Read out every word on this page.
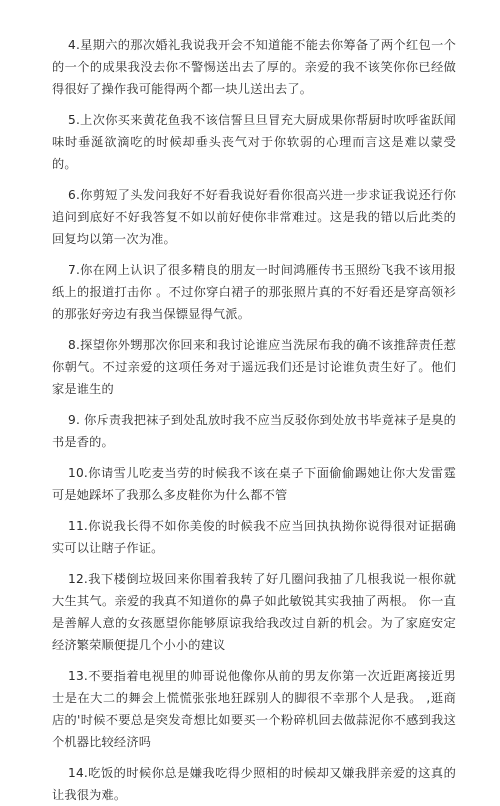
4.星期六的那次婚礼我说我开会不知道能不能去你筹备了两个红包一个的一个的成果我没去你不警惕送出去了厚的。亲爱的我不该笑你你已经做得很好了操作我可能得两个都一块儿送出去了。

5.上次你买来黄花鱼我不该信誓旦旦冒充大厨成果你帮厨时吹呼雀跃闻味时垂涎欲滴吃的时候却垂头丧气对于你软弱的心理而言这是难以蒙受的。

6.你剪短了头发问我好不好看我说好看你很高兴进一步求证我说还行你追问到底好不好我答复不如以前好使你非常难过。这是我的错以后此类的回复均以第一次为准。

7.你在网上认识了很多精良的朋友一时间鸿雁传书玉照纷飞我不该用报纸上的报道打击你 。不过你穿白裙子的那张照片真的不好看还是穿高领衫的那张好旁边有我当保镖显得气派。

8.探望你外甥那次你回来和我讨论谁应当洗尿布我的确不该推辞责任惹你朝气。不过亲爱的这项任务对于遥远我们还是讨论谁负责生好了。他们家是谁生的

9. 你斥责我把袜子到处乱放时我不应当反驳你到处放书毕竟袜子是臭的书是香的。

10.你请雪儿吃麦当劳的时候我不该在桌子下面偷偷踢她让你大发雷霆可是她踩坏了我那么多皮鞋你为什么都不管

11.你说我长得不如你美俊的时候我不应当回执执拗你说得很对证据确实可以让瞎子作证。

12.我下楼倒垃圾回来你围着我转了好几圈问我抽了几根我说一根你就大生其气。亲爱的我真不知道你的鼻子如此敏锐其实我抽了两根。 你一直是善解人意的女孩愿望你能够原谅我给我改过自新的机会。为了家庭安定经济繁荣顺便提几个小小的建议

13.不要指着电视里的帅哥说他像你从前的男友你第一次近距离接近男士是在大二的舞会上慌慌张张地狂踩别人的脚很不幸那个人是我。 ,逛商店的'时候不要总是突发奇想比如要买一个粉碎机回去做蒜泥你不感到我这个机器比较经济吗

14.吃饭的时候你总是嫌我吃得少照相的时候却又嫌我胖亲爱的这真的让我很为难。
